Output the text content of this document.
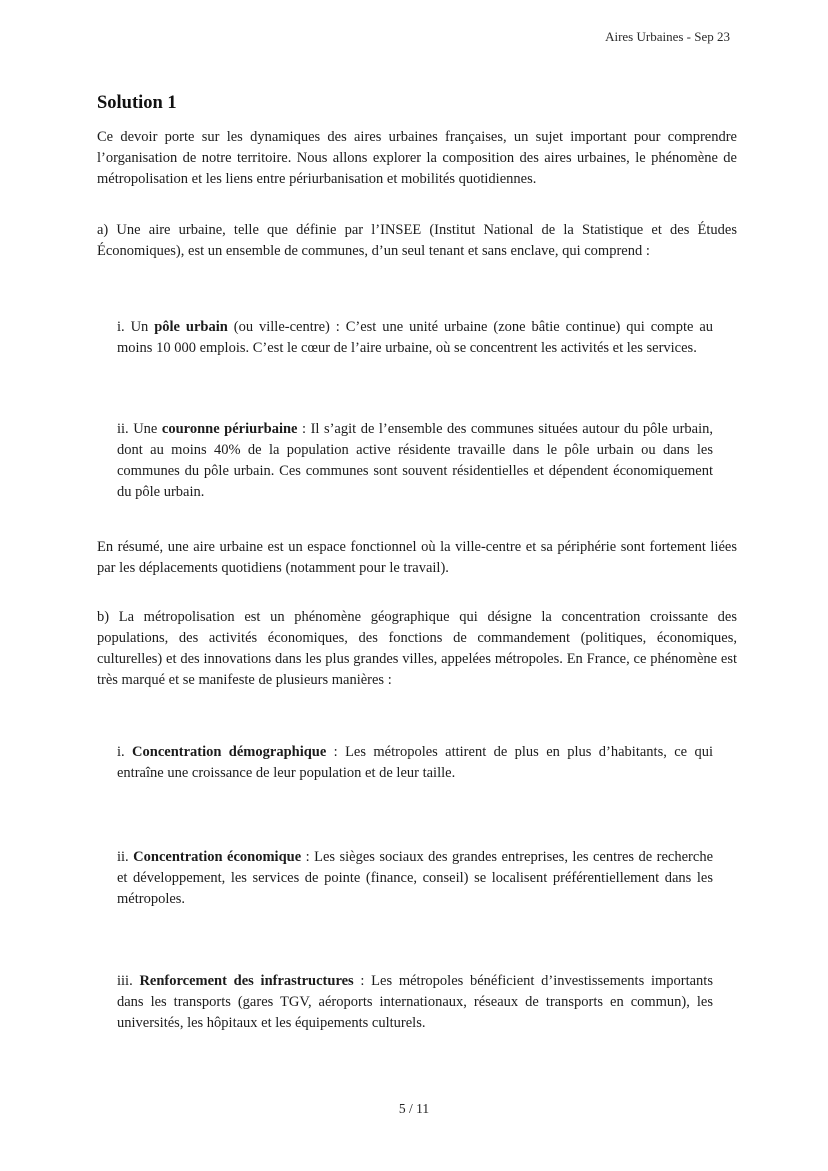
Aires Urbaines - Sep 23
Solution 1

Ce devoir porte sur les dynamiques des aires urbaines françaises, un sujet important pour comprendre l’organisation de notre territoire. Nous allons explorer la composition des aires urbaines, le phénomène de métropolisation et les liens entre périurbanisation et mobilités quotidiennes.

a) Une aire urbaine, telle que définie par l’INSEE (Institut National de la Statistique et des Études Économiques), est un ensemble de communes, d’un seul tenant et sans enclave, qui comprend :

i. Un pôle urbain (ou ville-centre) : C’est une unité urbaine (zone bâtie continue) qui compte au moins 10 000 emplois. C’est le cœur de l’aire urbaine, où se concentrent les activités et les services.
ii. Une couronne périurbaine : Il s’agit de l’ensemble des communes situées autour du pôle urbain, dont au moins 40% de la population active résidente travaille dans le pôle urbain ou dans les communes du pôle urbain. Ces communes sont souvent résidentielles et dépendent économiquement du pôle urbain.

En résumé, une aire urbaine est un espace fonctionnel où la ville-centre et sa périphérie sont fortement liées par les déplacements quotidiens (notamment pour le travail).

b) La métropolisation est un phénomène géographique qui désigne la concentration croissante des populations, des activités économiques, des fonctions de commandement (politiques, économiques, culturelles) et des innovations dans les plus grandes villes, appelées métropoles. En France, ce phénomène est très marqué et se manifeste de plusieurs manières :

i. Concentration démographique : Les métropoles attirent de plus en plus d’habitants, ce qui entraîne une croissance de leur population et de leur taille.
ii. Concentration économique : Les sièges sociaux des grandes entreprises, les centres de recherche et développement, les services de pointe (finance, conseil) se localisent préférentiellement dans les métropoles.
iii. Renforcement des infrastructures : Les métropoles bénéficient d’investissements importants dans les transports (gares TGV, aéroports internationaux, réseaux de transports en commun), les universités, les hôpitaux et les équipements culturels.
5 / 11
